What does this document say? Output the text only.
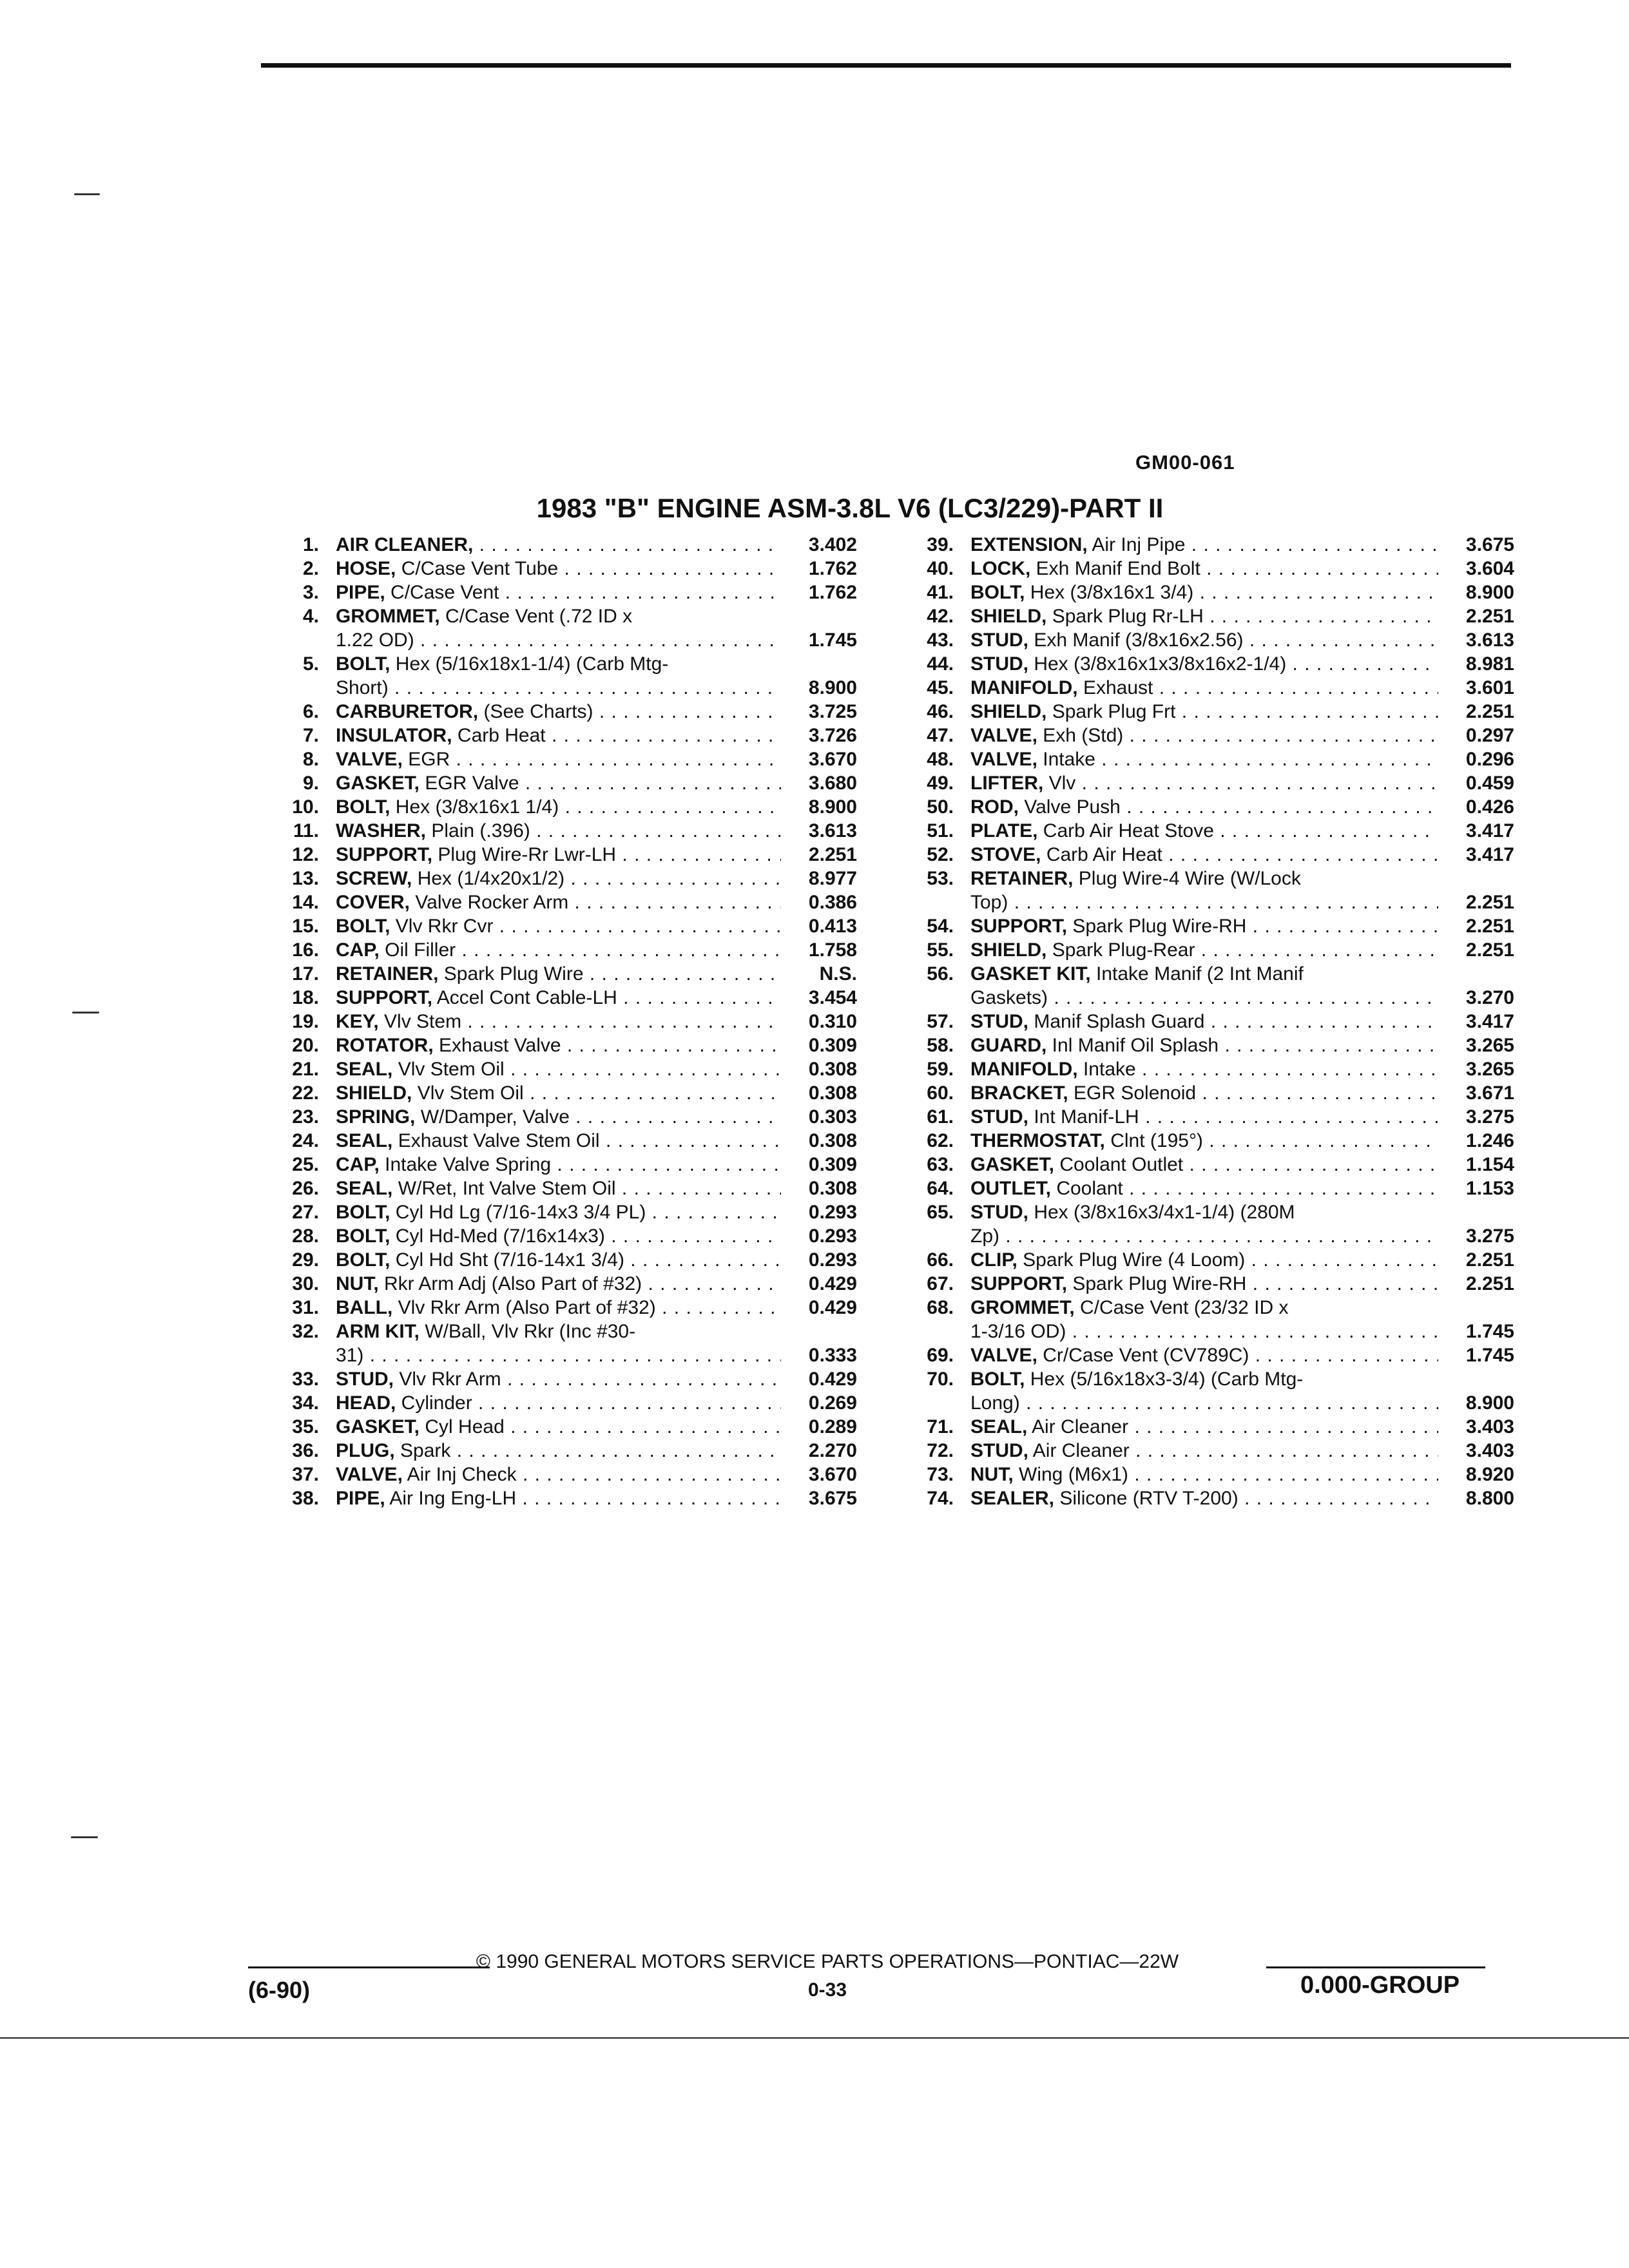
GM00-061
1983 "B" ENGINE ASM-3.8L V6 (LC3/229)-PART II
1. AIR CLEANER, . . .	3.402
2. HOSE, C/Case Vent Tube . . .	1.762
3. PIPE, C/Case Vent . . .	1.762
4. GROMMET, C/Case Vent (.72 ID x
1.22 OD) . . .	1.745
5. BOLT, Hex (5/16x18x1-1/4) (Carb Mtg-
Short) . . .	8.900
6. CARBURETOR, (See Charts) . . .	3.725
7. INSULATOR, Carb Heat . . .	3.726
8. VALVE, EGR . . .	3.670
9. GASKET, EGR Valve . . .	3.680
10. BOLT, Hex (3/8x16x1 1/4) . . .	8.900
11. WASHER, Plain (.396) . . .	3.613
12. SUPPORT, Plug Wire-Rr Lwr-LH . . .	2.251
13. SCREW, Hex (1/4x20x1/2) . . .	8.977
14. COVER, Valve Rocker Arm . . .	0.386
15. BOLT, Vlv Rkr Cvr . . .	0.413
16. CAP, Oil Filler . . .	1.758
17. RETAINER, Spark Plug Wire . . .	N.S.
18. SUPPORT, Accel Cont Cable-LH . . .	3.454
19. KEY, Vlv Stem . . .	0.310
20. ROTATOR, Exhaust Valve . . .	0.309
21. SEAL, Vlv Stem Oil . . .	0.308
22. SHIELD, Vlv Stem Oil . . .	0.308
23. SPRING, W/Damper, Valve . . .	0.303
24. SEAL, Exhaust Valve Stem Oil . . .	0.308
25. CAP, Intake Valve Spring . . .	0.309
26. SEAL, W/Ret, Int Valve Stem Oil . . .	0.308
27. BOLT, Cyl Hd Lg (7/16-14x3 3/4 PL) . . .	0.293
28. BOLT, Cyl Hd-Med (7/16x14x3) . . .	0.293
29. BOLT, Cyl Hd Sht (7/16-14x1 3/4) . . .	0.293
30. NUT, Rkr Arm Adj (Also Part of #32) . . .	0.429
31. BALL, Vlv Rkr Arm (Also Part of #32) . . .	0.429
32. ARM KIT, W/Ball, Vlv Rkr (Inc #30-
31) . . .	0.333
33. STUD, Vlv Rkr Arm . . .	0.429
34. HEAD, Cylinder . . .	0.269
35. GASKET, Cyl Head . . .	0.289
36. PLUG, Spark . . .	2.270
37. VALVE, Air Inj Check . . .	3.670
38. PIPE, Air Ing Eng-LH . . .	3.675
39. EXTENSION, Air Inj Pipe . . .	3.675
40. LOCK, Exh Manif End Bolt . . .	3.604
41. BOLT, Hex (3/8x16x1 3/4) . . .	8.900
42. SHIELD, Spark Plug Rr-LH . . .	2.251
43. STUD, Exh Manif (3/8x16x2.56) . . .	3.613
44. STUD, Hex (3/8x16x1x3/8x16x2-1/4) . . .	8.981
45. MANIFOLD, Exhaust . . .	3.601
46. SHIELD, Spark Plug Frt . . .	2.251
47. VALVE, Exh (Std) . . .	0.297
48. VALVE, Intake . . .	0.296
49. LIFTER, Vlv . . .	0.459
50. ROD, Valve Push . . .	0.426
51. PLATE, Carb Air Heat Stove . . .	3.417
52. STOVE, Carb Air Heat . . .	3.417
53. RETAINER, Plug Wire-4 Wire (W/Lock
Top) . . .	2.251
54. SUPPORT, Spark Plug Wire-RH . . .	2.251
55. SHIELD, Spark Plug-Rear . . .	2.251
56. GASKET KIT, Intake Manif (2 Int Manif
Gaskets) . . .	3.270
57. STUD, Manif Splash Guard . . .	3.417
58. GUARD, Inl Manif Oil Splash . . .	3.265
59. MANIFOLD, Intake . . .	3.265
60. BRACKET, EGR Solenoid . . .	3.671
61. STUD, Int Manif-LH . . .	3.275
62. THERMOSTAT, Clnt (195°) . . .	1.246
63. GASKET, Coolant Outlet . . .	1.154
64. OUTLET, Coolant . . .	1.153
65. STUD, Hex (3/8x16x3/4x1-1/4) (280M
Zp) . . .	3.275
66. CLIP, Spark Plug Wire (4 Loom) . . .	2.251
67. SUPPORT, Spark Plug Wire-RH . . .	2.251
68. GROMMET, C/Case Vent (23/32 ID x
1-3/16 OD) . . .	1.745
69. VALVE, Cr/Case Vent (CV789C) . . .	1.745
70. BOLT, Hex (5/16x18x3-3/4) (Carb Mtg-
Long) . . .	8.900
71. SEAL, Air Cleaner . . .	3.403
72. STUD, Air Cleaner . . .	3.403
73. NUT, Wing (M6x1) . . .	8.920
74. SEALER, Silicone (RTV T-200) . . .	8.800
© 1990 GENERAL MOTORS SERVICE PARTS OPERATIONS—PONTIAC—22W
0-33
(6-90)	0.000-GROUP
